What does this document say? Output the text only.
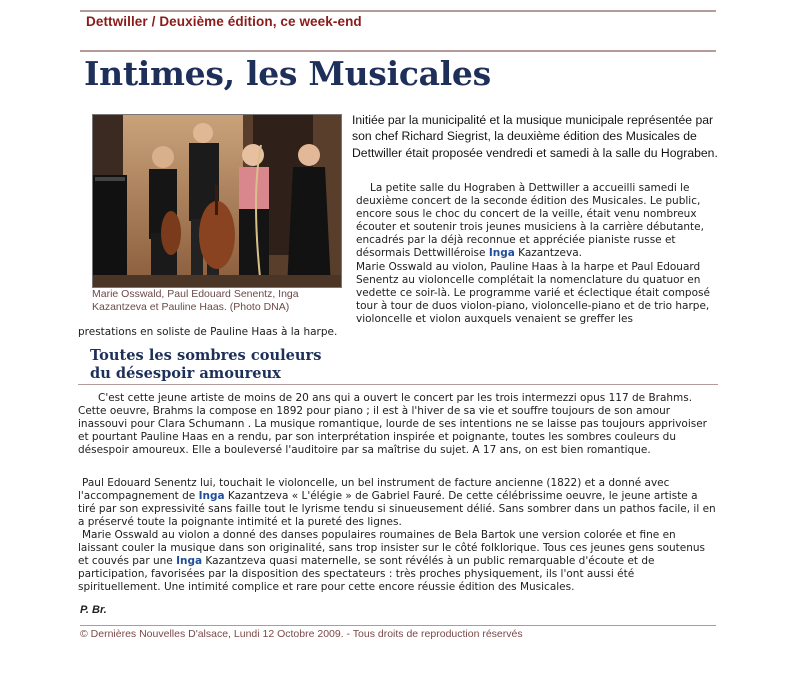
Dettwiller / Deuxième édition, ce week-end
Intimes, les Musicales
Marie Osswald, Paul Edouard Senentz, Inga Kazantzeva et Pauline Haas. (Photo DNA)

Initiée par la municipalité et la musique municipale représentée par son chef Richard Siegrist, la deuxième édition des Musicales de Dettwiller était proposée vendredi et samedi à la salle du Hograben.

La petite salle du Hograben à Dettwiller a accueilli samedi le deuxième concert de la seconde édition des Musicales. Le public, encore sous le choc du concert de la veille, était venu nombreux écouter et soutenir trois jeunes musiciens à la carrière débutante, encadrés par la déjà reconnue et appréciée pianiste russe et désormais Dettwilléroise Inga Kazantzeva.

Marie Osswald au violon, Pauline Haas à la harpe et Paul Edouard Senentz au violoncelle complétait la nomenclature du quatuor en vedette ce soir-là. Le programme varié et éclectique était composé tour à tour de duos violon-piano, violoncelle-piano et de trio harpe, violoncelle et violon auxquels venaient se greffer les

prestations en soliste de Pauline Haas à la harpe.

Toutes les sombres couleurs
du désespoir amoureux

C'est cette jeune artiste de moins de 20 ans qui a ouvert le concert par les trois intermezzi opus 117 de Brahms. Cette oeuvre, Brahms la compose en 1892 pour piano ; il est à l'hiver de sa vie et souffre toujours de son amour inassouvi pour Clara Schumann . La musique romantique, lourde de ses intentions ne se laisse pas toujours apprivoiser et pourtant Pauline Haas en a rendu, par son interprétation inspirée et poignante, toutes les sombres couleurs du désespoir amoureux. Elle a bouleversé l'auditoire par sa maîtrise du sujet. A 17 ans, on est bien romantique.

Paul Edouard Senentz lui, touchait le violoncelle, un bel instrument de facture ancienne (1822) et a donné avec l'accompagnement de Inga Kazantzeva « L'élégie » de Gabriel Fauré. De cette célébrissime oeuvre, le jeune artiste a tiré par son expressivité sans faille tout le lyrisme tendu si sinueusement délié. Sans sombrer dans un pathos facile, il en a préservé toute la poignante intimité et la pureté des lignes.

Marie Osswald au violon a donné des danses populaires roumaines de Bela Bartok une version colorée et fine en laissant couler la musique dans son originalité, sans trop insister sur le côté folklorique. Tous ces jeunes gens soutenus et couvés par une Inga Kazantzeva quasi maternelle, se sont révélés à un public remarquable d'écoute et de participation, favorisées par la disposition des spectateurs : très proches physiquement, ils l'ont aussi été spirituellement. Une intimité complice et rare pour cette encore réussie édition des Musicales.

P. Br.
© Dernières Nouvelles D'alsace, Lundi 12 Octobre 2009. - Tous droits de reproduction réservés
